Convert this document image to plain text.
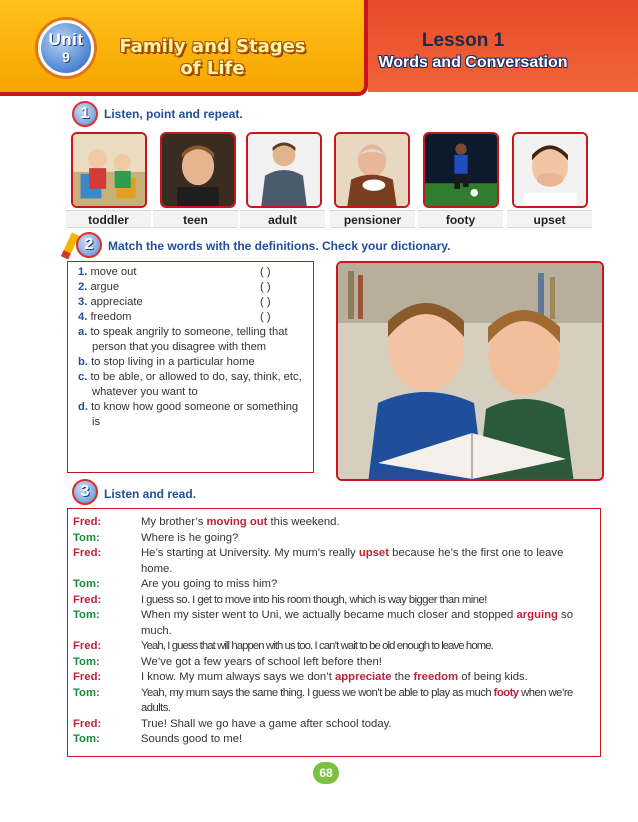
Unit
9	Family and Stages of Life
Lesson 1
Words and Conversation
1	Listen, point and repeat.
toddler	teen	adult	pensioner	footy	upset
2	Match the words with the definitions. Check your dictionary.
1. move out	( )
2. argue	( )
3. appreciate	( )
4. freedom	( )
a. to speak angrily to someone, telling that person that you disagree with them
b. to stop living in a particular home
c. to be able, or allowed to do, say, think, etc, whatever you want to
d. to know how good someone or something is
3	Listen and read.
Fred:	My brother’s moving out this weekend.
Tom:	Where is he going?
Fred:	He’s starting at University. My mum’s really upset because he’s the first one to leave home.
Tom:	Are you going to miss him?
Fred:	I guess so. I get to move into his room though, which is way bigger than mine!
Tom:	When my sister went to Uni, we actually became much closer and stopped arguing so much.
Fred:	Yeah, I guess that will happen with us too. I can’t wait to be old enough to leave home.
Tom:	We’ve got a few years of school left before then!
Fred:	I know. My mum always says we don’t appreciate the freedom of being kids.
Tom:	Yeah, my mum says the same thing. I guess we won’t be able to play as much footy when we’re adults.
Fred:	True! Shall we go have a game after school today.
Tom:	Sounds good to me!
68
